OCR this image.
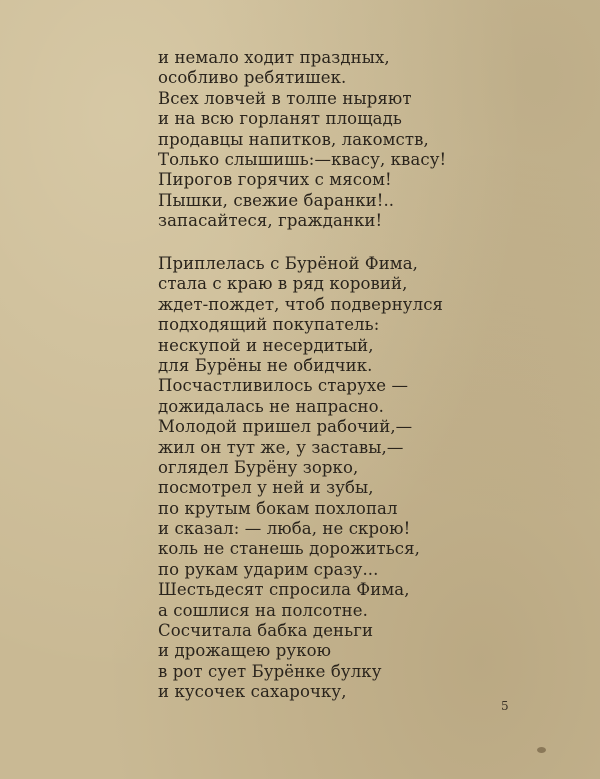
и немало ходит праздных,
особливо ребятишек.
Всех ловчей в толпе ныряют
и на всю горланят площадь
продавцы напитков, лакомств,
Только слышишь:—квасу, квасу!
Пирогов горячих с мясом!
Пышки, свежие баранки!..
запасайтеся, гражданки!
Приплелась с Бурёной Фима,
стала с краю в ряд коровий,
ждет-пождет, чтоб подвернулся
подходящий покупатель:
нескупой и несердитый,
для Бурёны не обидчик.
Посчастливилось старухе —
дожидалась не напрасно.
Молодой пришел рабочий,—
жил он тут же, у заставы,—
оглядел Бурёну зорко,
посмотрел у ней и зубы,
по крутым бокам похлопал
и сказал: — люба, не скрою!
коль не станешь дорожиться,
по рукам ударим сразу...
Шестьдесят спросила Фима,
а сошлися на полсотне.
Сосчитала бабка деньги
и дрожащею рукою
в рот сует Бурёнке булку
и кусочек сахарочку,
5
